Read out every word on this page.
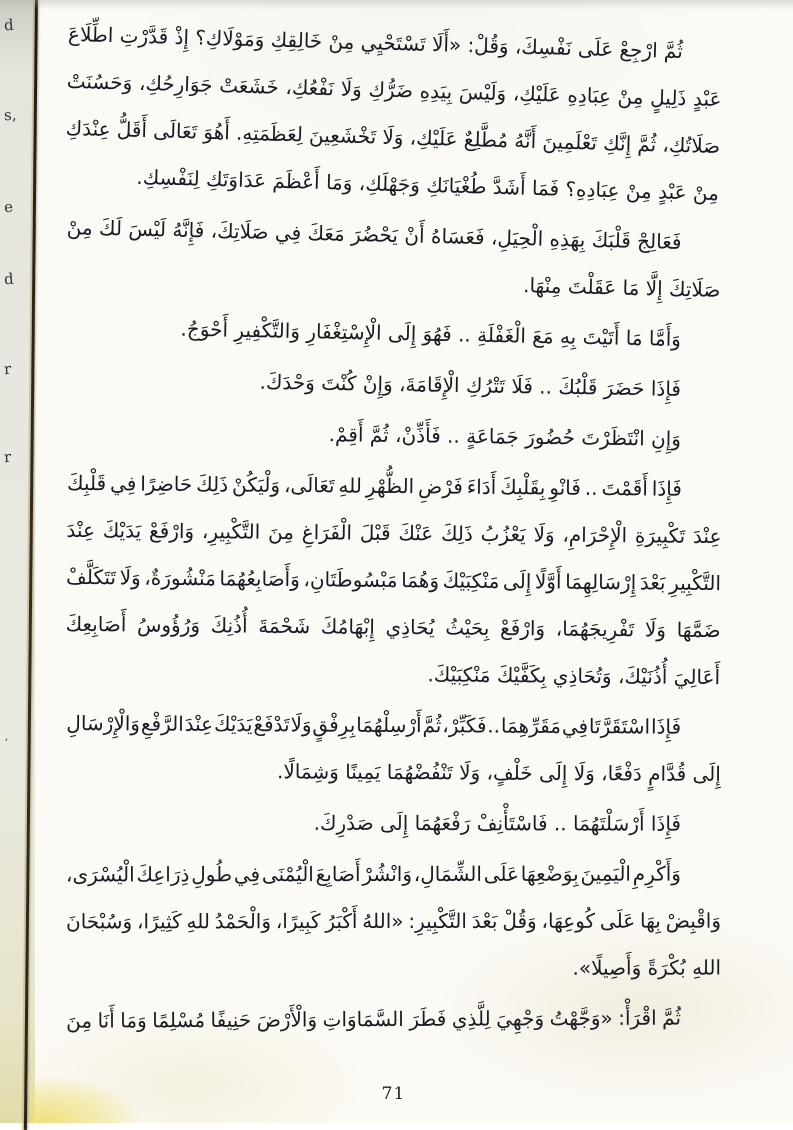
d
s,
e
d
r
r
،
ثُمَّ
ارْجِعْ
عَلَى
نَفْسِكَ،
وَقُلْ:
«أَلَا
تَسْتَحْيِي
مِنْ
خَالِقِكِ
وَمَوْلَاكِ؟
إِذْ
قَدَّرْتِ
اطِّلَاعَ
عَبْدٍ
ذَلِيلٍ
مِنْ
عِبَادِهِ
عَلَيْكِ،
وَلَيْسَ
بِيَدِهِ
ضَرُّكِ
وَلَا
نَفْعُكِ،
خَشَعَتْ
جَوَارِحُكِ،
وَحَسُنَتْ
صَلَاتُكِ،
ثُمَّ
إِنَّكِ
تَعْلَمِينَ
أَنَّهُ
مُطَّلِعٌ
عَلَيْكِ،
وَلَا
تَخْشَعِينَ
لِعَظَمَتِهِ.
أَهُوَ
تَعَالَى
أَقَلُّ
عِنْدَكِ
مِنْ عَبْدٍ مِنْ عِبَادِهِ؟ فَمَا أَشَدَّ طُغْيَانَكِ وَجَهْلَكِ، وَمَا أَعْظَمَ عَدَاوَتَكِ لِنَفْسِكِ.
فَعَالِجْ
قَلْبَكَ
بِهَذِهِ
الْحِيَلِ،
فَعَسَاهُ
أَنْ
يَحْضُرَ
مَعَكَ
فِي
صَلَاتِكَ،
فَإِنَّهُ
لَيْسَ
لَكَ
مِنْ
صَلَاتِكَ إِلَّا مَا عَقَلْتَ مِنْهَا.
وَأَمَّا مَا أَتَيْتَ بِهِ مَعَ الْغَفْلَةِ .. فَهُوَ إِلَى الْإِسْتِغْفَارِ وَالتَّكْفِيرِ أَحْوَجُ.
فَإِذَا حَضَرَ قَلْبُكَ .. فَلَا تَتْرُكِ الْإِقَامَةَ، وَإِنْ كُنْتَ وَحْدَكَ.
وَإِنِ انْتَظَرْتَ حُضُورَ جَمَاعَةٍ .. فَأَذِّنْ، ثُمَّ أَقِمْ.
فَإِذَا
أَقَمْتَ
..
فَانْوِ
بِقَلْبِكَ
أَدَاءَ
فَرْضِ
الظُّهْرِ
للهِ
تَعَالَى،
وَلْيَكُنْ
ذَلِكَ
حَاضِرًا
فِي
قَلْبِكَ
عِنْدَ
تَكْبِيرَةِ
الْإِحْرَامِ،
وَلَا
يَعْزُبُ
ذَلِكَ
عَنْكَ
قَبْلَ
الْفَرَاغِ
مِنَ
التَّكْبِيرِ،
وَارْفَعْ
يَدَيْكَ
عِنْدَ
التَّكْبِيرِ
بَعْدَ
إِرْسَالِهِمَا
أَوَّلًا
إِلَى
مَنْكِبَيْكَ
وَهُمَا
مَبْسُوطَتَانِ،
وَأَصَابِعُهُمَا
مَنْشُورَةٌ،
وَلَا
تَتَكَلَّفْ
ضَمَّهَا
وَلَا
تَفْرِيجَهُمَا،
وَارْفَعْ
بِحَيْثُ
يُحَاذِي
إِبْهَامُكَ
شَحْمَةَ
أُذُنِكَ
وَرُؤُوسُ
أَصَابِعِكَ
أَعَالِيَ أُذُنَيْكَ، وَتُحَاذِي بِكَفَّيْكَ مَنْكِبَيْكَ.
فَإِذَا
اسْتَقَرَّتَا
فِي
مَقَرِّهِمَا
..
فَكَبِّرْ،
ثُمَّ
أَرْسِلْهُمَا
بِرِفْقٍ
وَلَا
تَدْفَعْ
يَدَيْكَ
عِنْدَ
الرَّفْعِ
وَالْإِرْسَالِ
إِلَى قُدَّامٍ دَفْعًا، وَلَا إِلَى خَلْفٍ، وَلَا تَنْفُضْهُمَا يَمِينًا وَشِمَالًا.
فَإِذَا أَرْسَلْتَهُمَا .. فَاسْتَأْنِفْ رَفْعَهُمَا إِلَى صَدْرِكَ.
وَأَكْرِمِ
الْيَمِينَ
بِوَضْعِهَا
عَلَى
الشِّمَالِ،
وَانْشُرْ
أَصَابِعَ
الْيُمْنَى
فِي
طُولِ
ذِرَاعِكَ
الْيُسْرَى،
وَاقْبِضْ
بِهَا
عَلَى
كُوعِهَا،
وَقُلْ
بَعْدَ
التَّكْبِيرِ:
«اللهُ
أَكْبَرُ
كَبِيرًا،
وَالْحَمْدُ
للهِ
كَثِيرًا،
وَسُبْحَانَ
اللهِ بُكْرَةً وَأَصِيلًا».
ثُمَّ
اقْرَأْ:
«وَجَّهْتُ
وَجْهِيَ
لِلَّذِي
فَطَرَ
السَّمَاوَاتِ
وَالْأَرْضَ
حَنِيفًا
مُسْلِمًا
وَمَا
أَنَا
مِنَ
71
